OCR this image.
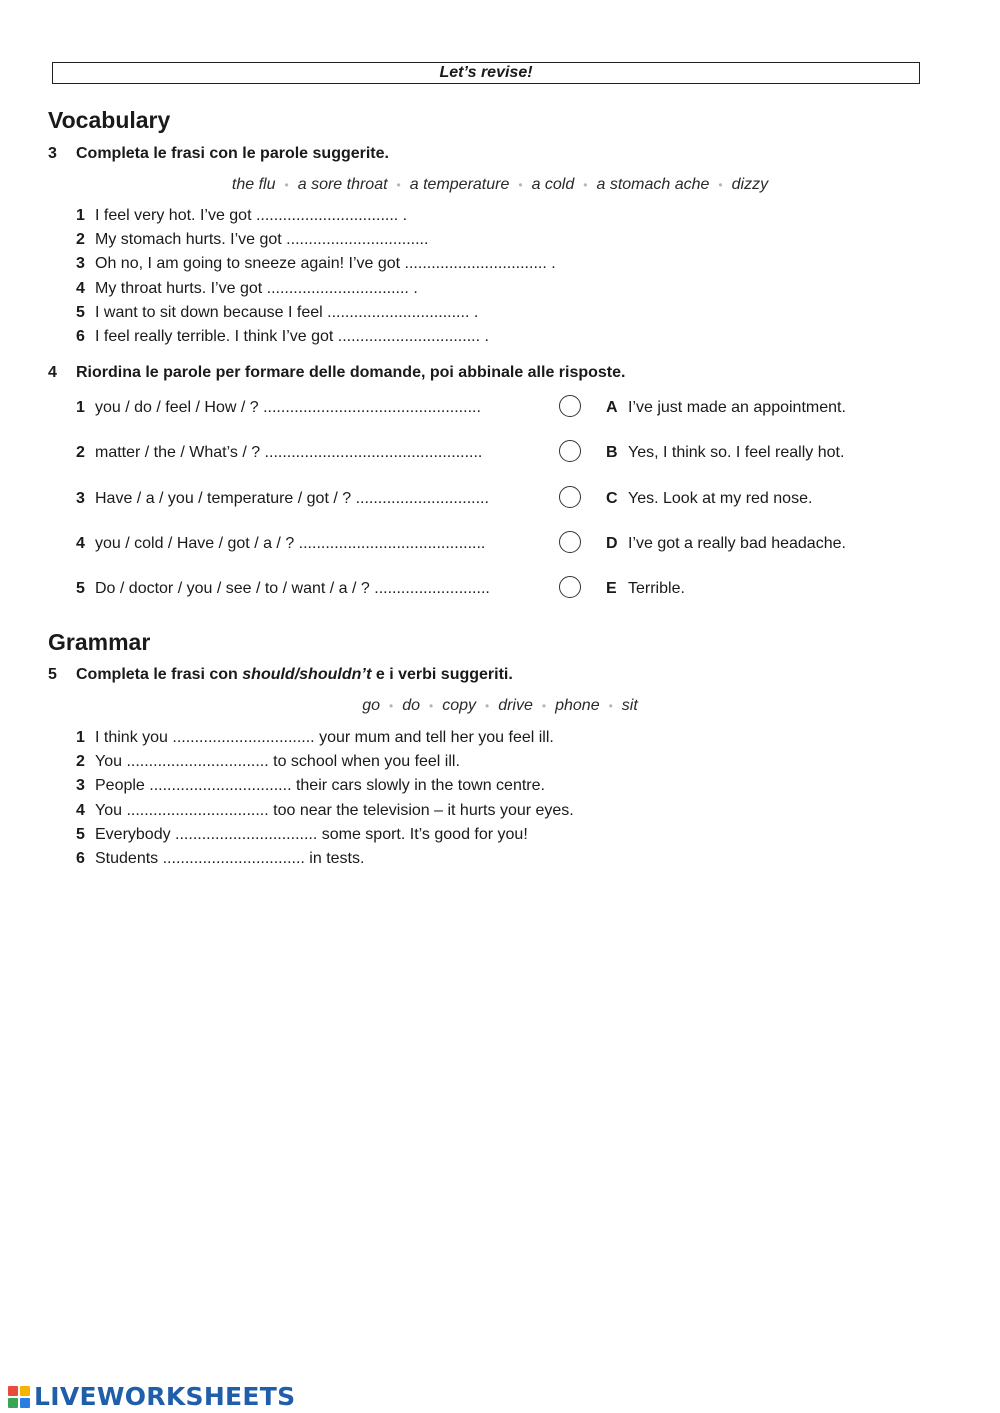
Let’s revise!
Vocabulary
3 Completa le frasi con le parole suggerite.
the flu • a sore throat • a temperature • a cold • a stomach ache • dizzy
1 I feel very hot. I’ve got ................................ .
2 My stomach hurts. I’ve got ................................
3 Oh no, I am going to sneeze again! I’ve got ................................ .
4 My throat hurts. I’ve got ................................ .
5 I want to sit down because I feel ................................ .
6 I feel really terrible. I think I’ve got ................................ .
4 Riordina le parole per formare delle domande, poi abbinale alle risposte.
1 you / do / feel / How / ? .................................................	A I’ve just made an appointment.
2 matter / the / What’s / ? .................................................	B Yes, I think so. I feel really hot.
3 Have / a / you / temperature / got / ? ..............................	C Yes. Look at my red nose.
4 you / cold / Have / got / a / ? ..........................................	D I’ve got a really bad headache.
5 Do / doctor / you / see / to / want / a / ? ..........................	E Terrible.
Grammar
5 Completa le frasi con should/shouldn’t e i verbi suggeriti.
go • do • copy • drive • phone • sit
1 I think you ................................ your mum and tell her you feel ill.
2 You ................................ to school when you feel ill.
3 People ................................ their cars slowly in the town centre.
4 You ................................ too near the television – it hurts your eyes.
5 Everybody ................................ some sport. It’s good for you!
6 Students ................................ in tests.
LIVEWORKSHEETS
